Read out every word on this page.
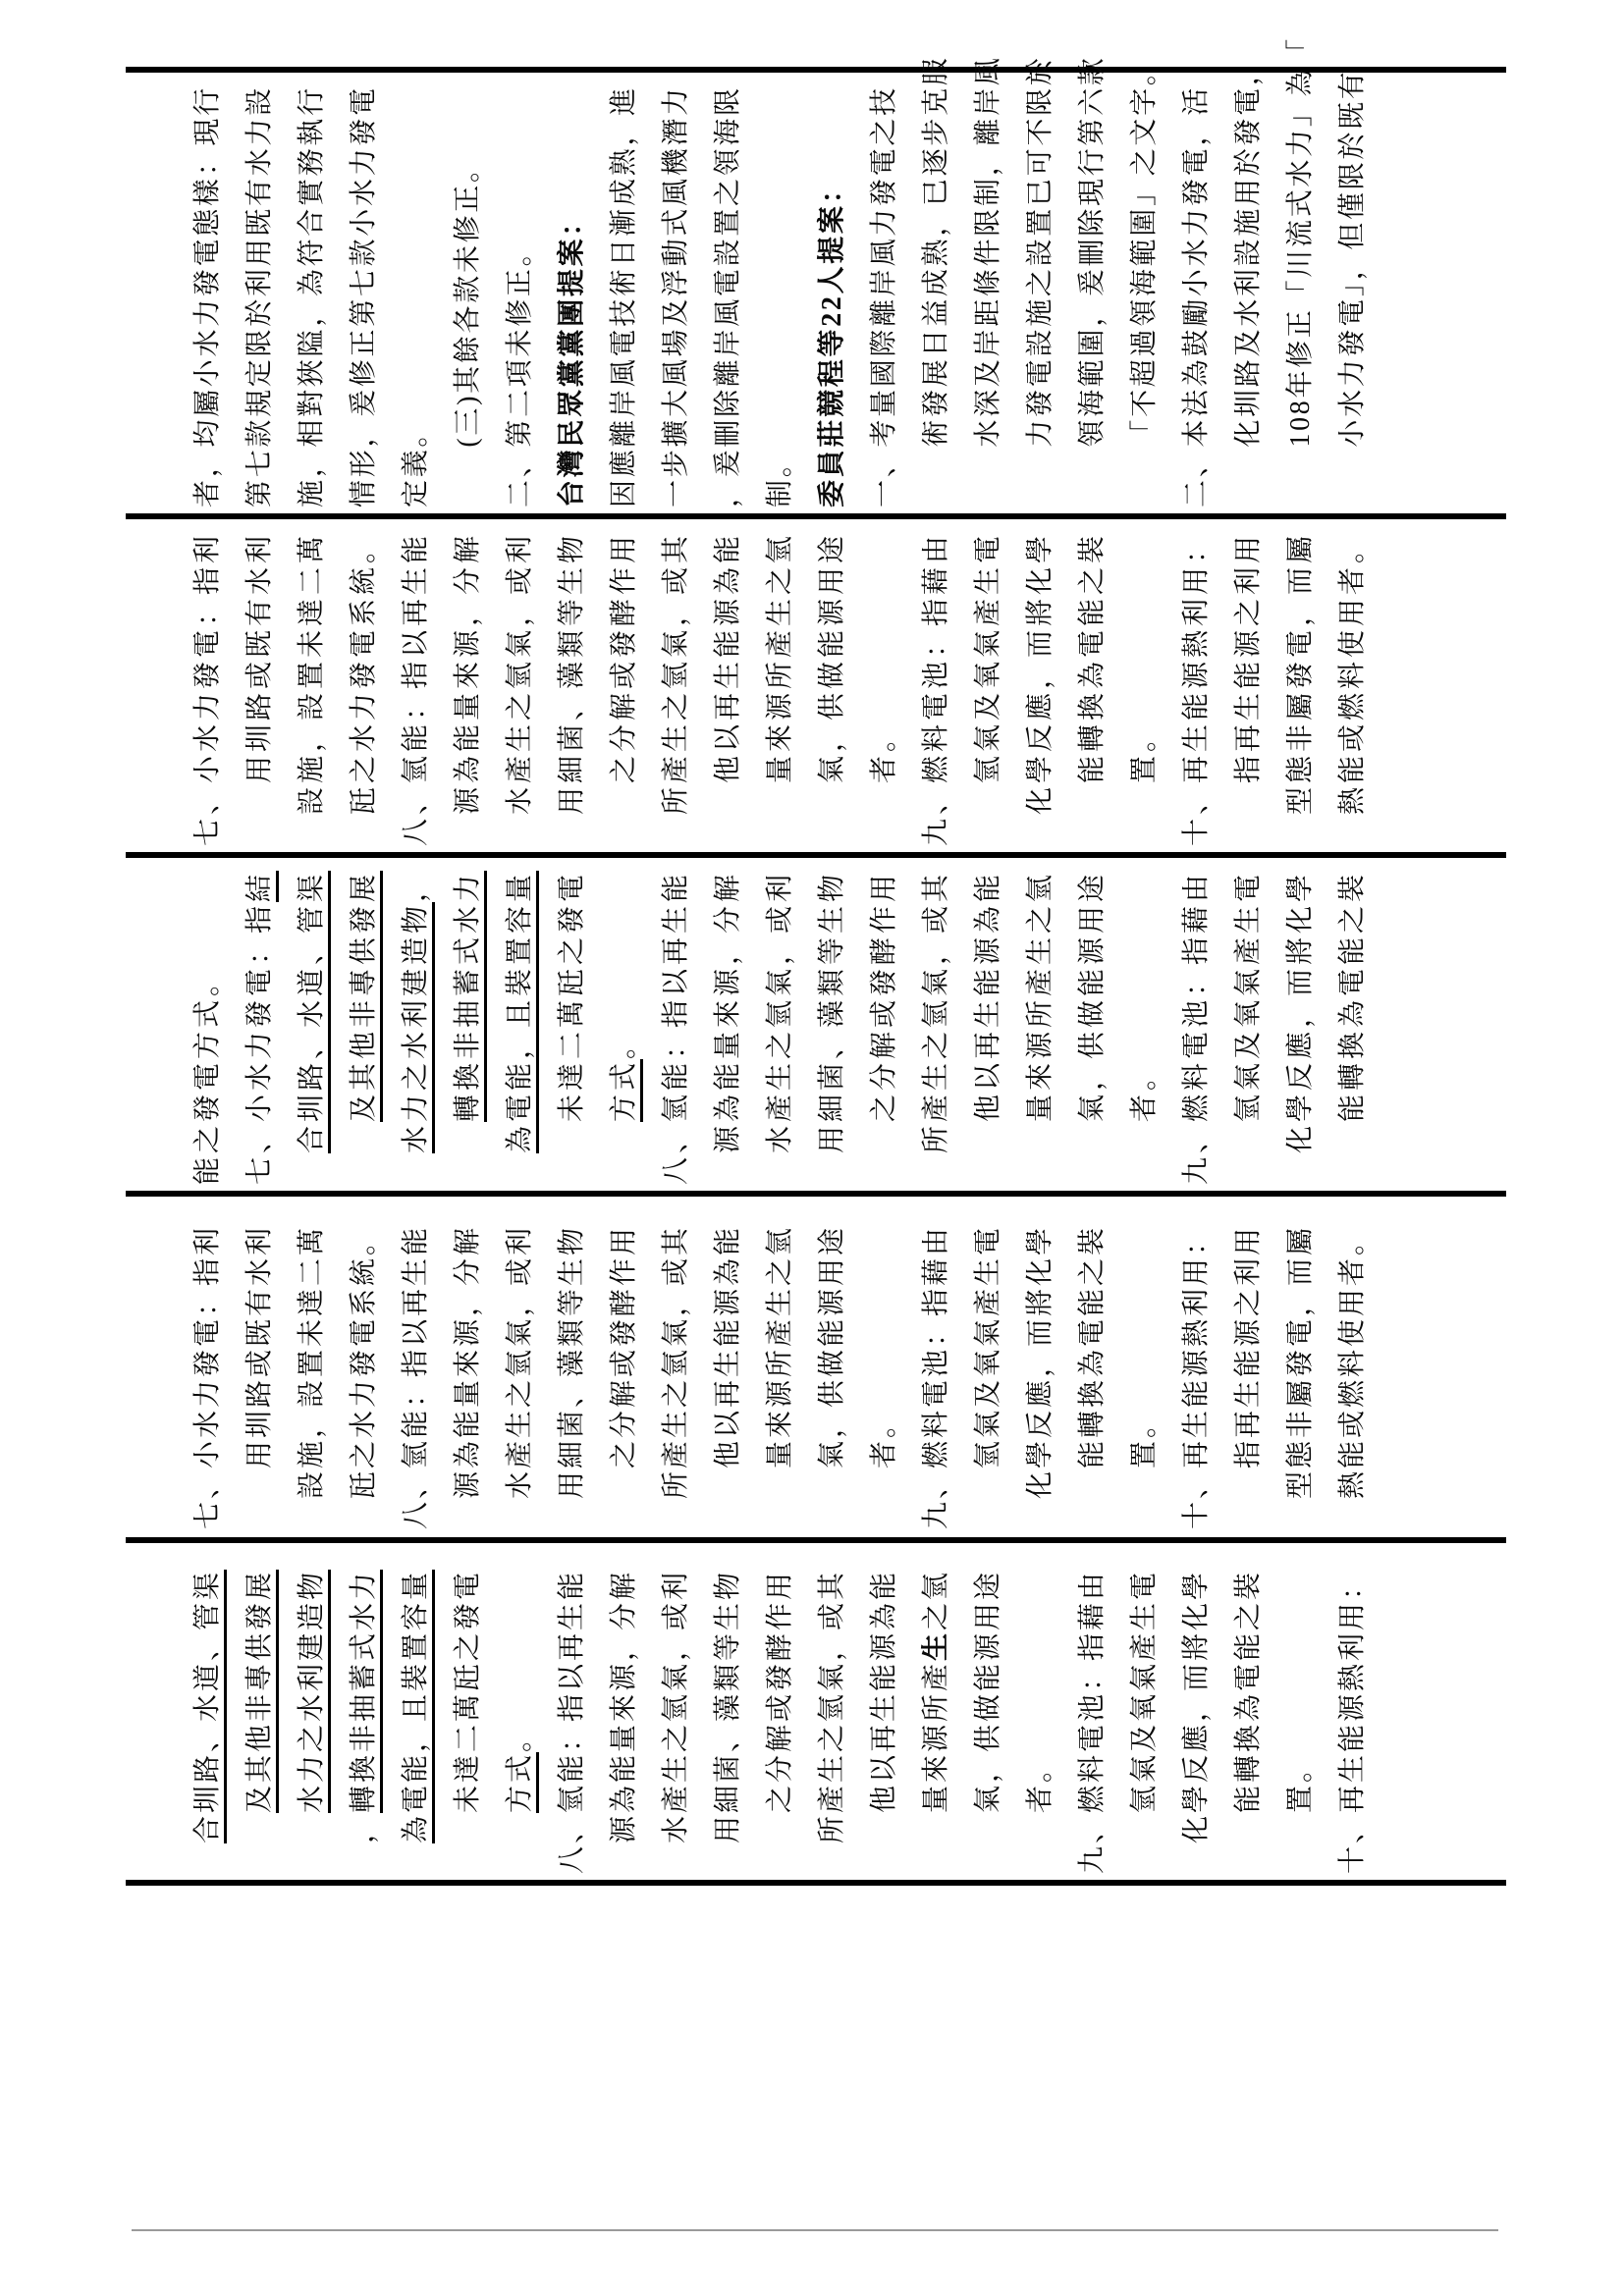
者，均屬小水力發電態樣：現行 第七款規定限於利用既有水力設 施，相對狹隘，為符合實務執行 情形，爰修正第七款小水力發電 定義。
(三)其餘各款未修正。 二、第二項未修正。 台灣民眾黨黨團提案： 因應離岸風電技術日漸成熟，進 一步擴大風場及浮動式風機潛力 ，爰刪除離岸風電設置之領海限 制。 委員莊競程等22人提案： 一、考量國際離岸風力發電之技 術發展日益成熟，已逐步克服 水深及岸距條件限制，離岸風 力發電設施之設置已可不限於 領海範圍，爰刪除現行第六款 「不超過領海範圍」之文字。 二、本法為鼓勵小水力發電，活 化圳路及水利設施用於發電， 108年修正「川流式水力」為「 小水力發電」，但僅限於既有
七、小水力發電：指利 用圳路或既有水利 設施，設置未達二萬 瓩之水力發電系統。 八、氫能：指以再生能 源為能量來源，分解 水產生之氫氣，或利 用細菌、藻類等生物 之分解或發酵作用 所產生之氫氣，或其 他以再生能源為能 量來源所產生之氫 氣，供做能源用途 者。 九、燃料電池：指藉由 氫氣及氧氣產生電 化學反應，而將化學 能轉換為電能之裝 置。 十、再生能源熱利用： 指再生能源之利用 型態非屬發電，而屬 熱能或燃料使用者。
能之發電方式。 七、小水力發電：指結 合圳路、水道、管渠 及其他非專供發展 水力之水利建造物， 轉換非抽蓄式水力 為電能，且裝置容量 未達二萬瓩之發電 方式。 八、氫能：指以再生能 源為能量來源，分解 水產生之氫氣，或利 用細菌、藻類等生物 之分解或發酵作用 所產生之氫氣，或其 他以再生能源為能 量來源所產生之氫 氣，供做能源用途 者。 九、燃料電池：指藉由 氫氣及氧氣產生電 化學反應，而將化學 能轉換為電能之裝
七、小水力發電：指利 用圳路或既有水利 設施，設置未達二萬 瓩之水力發電系統。 八、氫能：指以再生能 源為能量來源，分解 水產生之氫氣，或利 用細菌、藻類等生物 之分解或發酵作用 所產生之氫氣，或其 他以再生能源為能 量來源所產生之氫 氣，供做能源用途 者。 九、燃料電池：指藉由 氫氣及氧氣產生電 化學反應，而將化學 能轉換為電能之裝 置。 十、再生能源熱利用： 指再生能源之利用 型態非屬發電，而屬 熱能或燃料使用者。
合圳路、水道、管渠 及其他非專供發展 水力之水利建造物
，轉換非抽蓄式水力 為電能，且裝置容量 未達二萬瓩之發電 方式。 八、氫能：指以再生能 源為能量來源，分解 水產生之氫氣，或利 用細菌、藻類等生物 之分解或發酵作用 所產生之氫氣，或其 他以再生能源為能 量來源所產生之氫 氣，供做能源用途 者。 九、燃料電池：指藉由 氫氣及氧氣產生電 化學反應，而將化學 能轉換為電能之裝 置。 十、再生能源熱利用：
